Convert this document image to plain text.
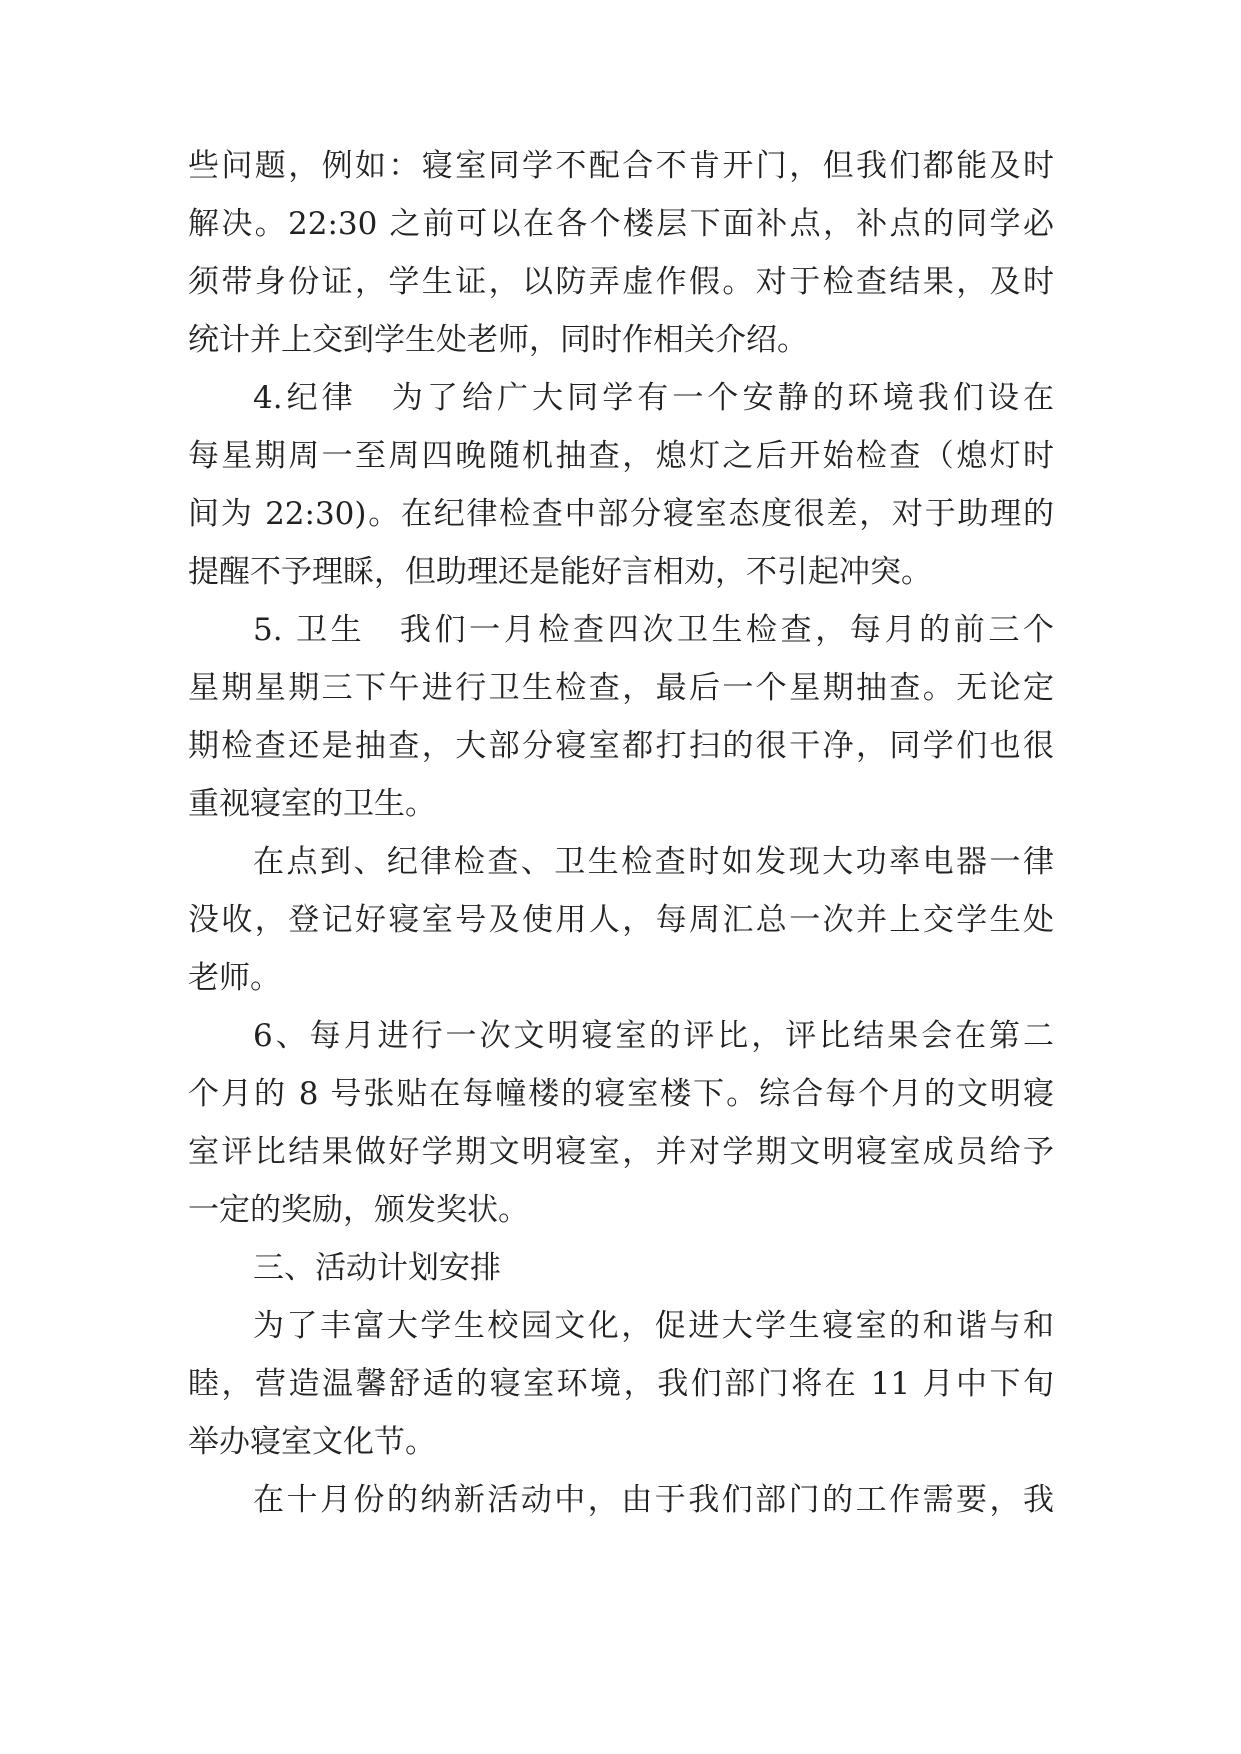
些问题，例如：寝室同学不配合不肯开门，但我们都能及时
解决。22:30 之前可以在各个楼层下面补点，补点的同学必
须带身份证，学生证，以防弄虚作假。对于检查结果，及时
统计并上交到学生处老师，同时作相关介绍。
4.纪律　为了给广大同学有一个安静的环境我们设在
每星期周一至周四晚随机抽查，熄灯之后开始检查（熄灯时
间为 22:30)。在纪律检查中部分寝室态度很差，对于助理的
提醒不予理睬，但助理还是能好言相劝，不引起冲突。
5. 卫生　我们一月检查四次卫生检查，每月的前三个
星期星期三下午进行卫生检查，最后一个星期抽查。无论定
期检查还是抽查，大部分寝室都打扫的很干净，同学们也很
重视寝室的卫生。
在点到、纪律检查、卫生检查时如发现大功率电器一律
没收，登记好寝室号及使用人，每周汇总一次并上交学生处
老师。
6、每月进行一次文明寝室的评比，评比结果会在第二
个月的 8 号张贴在每幢楼的寝室楼下。综合每个月的文明寝
室评比结果做好学期文明寝室，并对学期文明寝室成员给予
一定的奖励，颁发奖状。
三、活动计划安排
为了丰富大学生校园文化，促进大学生寝室的和谐与和
睦，营造温馨舒适的寝室环境，我们部门将在 11 月中下旬
举办寝室文化节。
在十月份的纳新活动中，由于我们部门的工作需要，我
